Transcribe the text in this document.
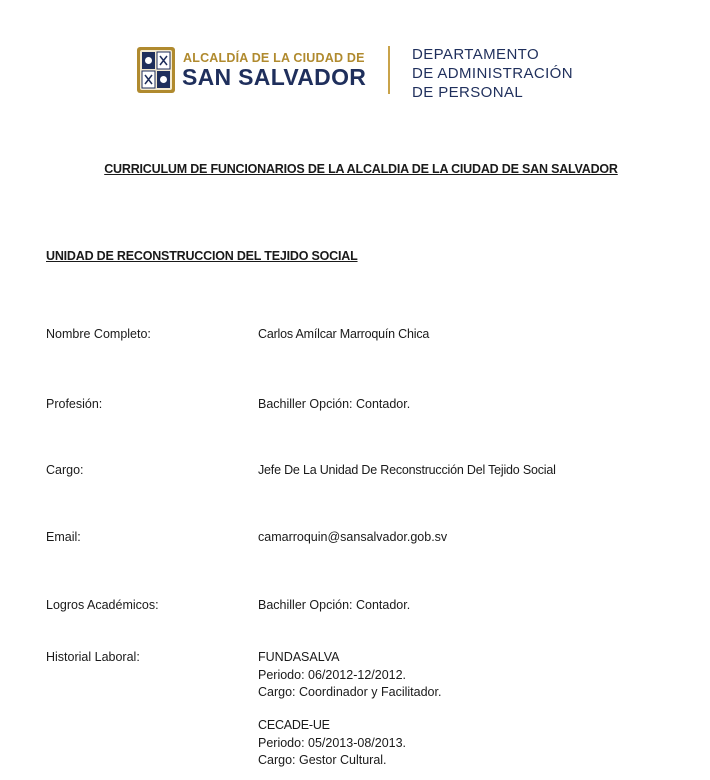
ALCALDÍA DE LA CIUDAD DE
SAN SALVADOR
DEPARTAMENTO
DE ADMINISTRACIÓN
DE PERSONAL
CURRICULUM DE FUNCIONARIOS DE LA ALCALDIA DE LA CIUDAD DE SAN SALVADOR
UNIDAD DE RECONSTRUCCION DEL TEJIDO SOCIAL
Nombre Completo:	Carlos Amílcar Marroquín Chica
Profesión:	Bachiller Opción: Contador.
Cargo:	Jefe De La Unidad De Reconstrucción Del Tejido Social
Email:	camarroquin@sansalvador.gob.sv
Logros Académicos:	Bachiller Opción: Contador.
Historial Laboral:	FUNDASALVA
Periodo: 06/2012-12/2012.
Cargo: Coordinador y Facilitador.
CECADE-UE
Periodo: 05/2013-08/2013.
Cargo: Gestor Cultural.
